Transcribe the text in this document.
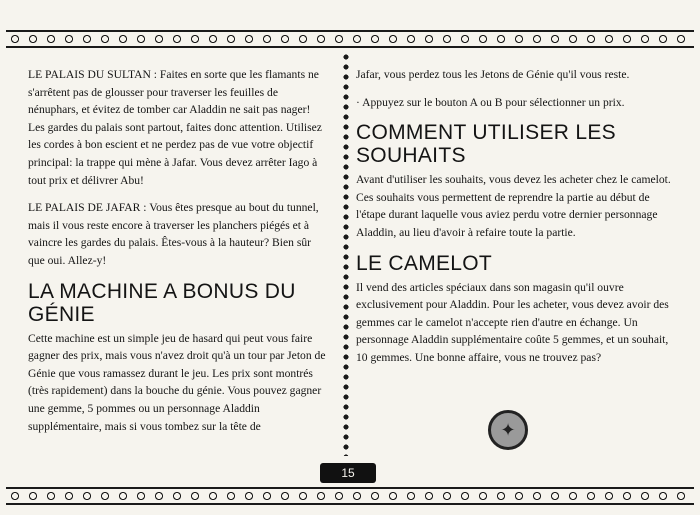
LE PALAIS DU SULTAN : Faites en sorte que les flamants ne s'arrêtent pas de glousser pour traverser les feuilles de nénuphars, et évitez de tomber car Aladdin ne sait pas nager! Les gardes du palais sont partout, faites donc attention. Utilisez les cordes à bon escient et ne perdez pas de vue votre objectif principal: la trappe qui mène à Jafar. Vous devez arrêter Iago à tout prix et délivrer Abu!

LE PALAIS DE JAFAR : Vous êtes presque au bout du tunnel, mais il vous reste encore à traverser les planchers piégés et à vaincre les gardes du palais. Êtes-vous à la hauteur? Bien sûr que oui. Allez-y!

LA MACHINE A BONUS DU GÉNIE

Cette machine est un simple jeu de hasard qui peut vous faire gagner des prix, mais vous n'avez droit qu'à un tour par Jeton de Génie que vous ramassez durant le jeu. Les prix sont montrés (très rapidement) dans la bouche du génie. Vous pouvez gagner une gemme, 5 pommes ou un personnage Aladdin supplémentaire, mais si vous tombez sur la tête de

Jafar, vous perdez tous les Jetons de Génie qu'il vous reste.

· Appuyez sur le bouton A ou B pour sélectionner un prix.

COMMENT UTILISER LES SOUHAITS

Avant d'utiliser les souhaits, vous devez les acheter chez le camelot. Ces souhaits vous permettent de reprendre la partie au début de l'étape durant laquelle vous aviez perdu votre dernier personnage Aladdin, au lieu d'avoir à refaire toute la partie.

LE CAMELOT

Il vend des articles spéciaux dans son magasin qu'il ouvre exclusivement pour Aladdin. Pour les acheter, vous devez avoir des gemmes car le camelot n'accepte rien d'autre en échange. Un personnage Aladdin supplémentaire coûte 5 gemmes, et un souhait, 10 gemmes. Une bonne affaire, vous ne trouvez pas?

✦
15
